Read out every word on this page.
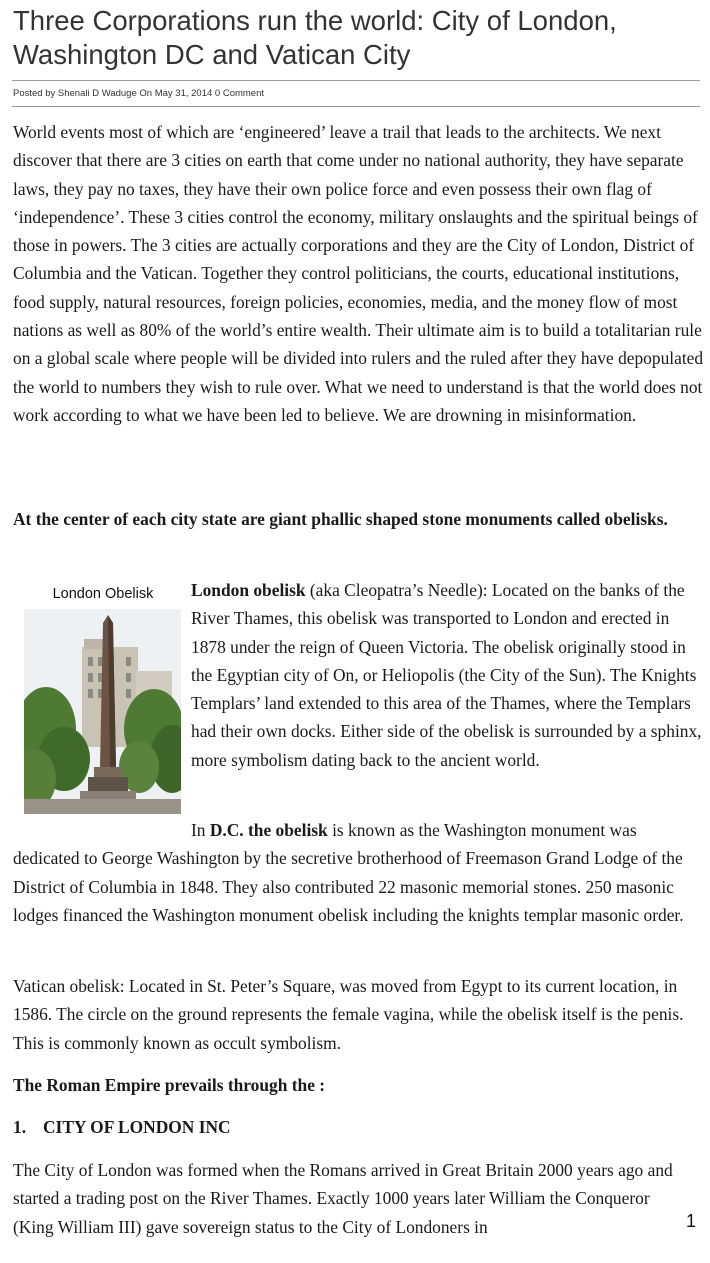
Three Corporations run the world: City of London, Washington DC and Vatican City
Posted by Shenali D Waduge On May 31, 2014 0 Comment

World events most of which are ‘engineered’ leave a trail that leads to the architects. We next discover that there are 3 cities on earth that come under no national authority, they have separate laws, they pay no taxes, they have their own police force and even possess their own flag of ‘independence’. These 3 cities control the economy, military onslaughts and the spiritual beings of those in powers. The 3 cities are actually corporations and they are the City of London, District of Columbia and the Vatican. Together they control politicians, the courts, educational institutions, food supply, natural resources, foreign policies, economies, media, and the money flow of most nations as well as 80% of the world’s entire wealth. Their ultimate aim is to build a totalitarian rule on a global scale where people will be divided into rulers and the ruled after they have depopulated the world to numbers they wish to rule over. What we need to understand is that the world does not work according to what we have been led to believe. We are drowning in misinformation.

At the center of each city state are giant phallic shaped stone monuments called obelisks.

London Obelisk	London obelisk (aka Cleopatra’s Needle): Located on the banks of the River Thames, this obelisk was transported to London and erected in 1878 under the reign of Queen Victoria. The obelisk originally stood in the Egyptian city of On, or Heliopolis (the City of the Sun). The Knights Templars’ land extended to this area of the Thames, where the Templars had their own docks. Either side of the obelisk is surrounded by a sphinx, more symbolism dating back to the ancient world.

In D.C. the obelisk is known as the Washington monument was dedicated to George Washington by the secretive brotherhood of Freemason Grand Lodge of the District of Columbia in 1848. They also contributed 22 masonic memorial stones. 250 masonic lodges financed the Washington monument obelisk including the knights templar masonic order.

Vatican obelisk: Located in St. Peter’s Square, was moved from Egypt to its current location, in 1586. The circle on the ground represents the female vagina, while the obelisk itself is the penis. This is commonly known as occult symbolism.

The Roman Empire prevails through the :

1. CITY OF LONDON INC

The City of London was formed when the Romans arrived in Great Britain 2000 years ago and started a trading post on the River Thames. Exactly 1000 years later William the Conqueror (King William III) gave sovereign status to the City of Londoners in	1
